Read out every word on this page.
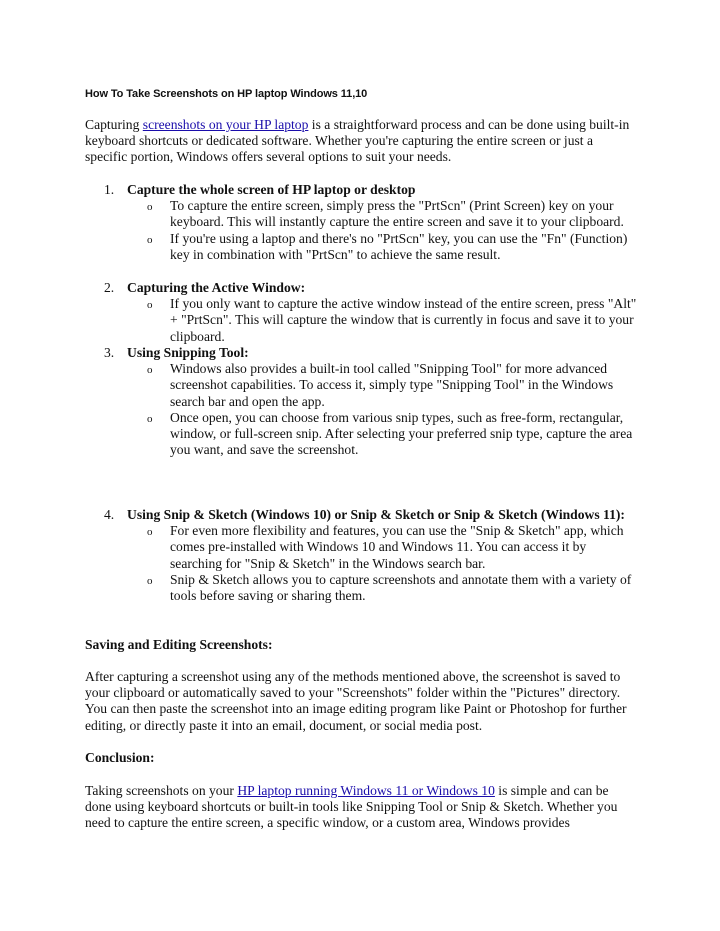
How To Take Screenshots on HP laptop Windows 11,10

Capturing screenshots on your HP laptop is a straightforward process and can be done using built-in keyboard shortcuts or dedicated software. Whether you're capturing the entire screen or just a specific portion, Windows offers several options to suit your needs.

1. Capture the whole screen of HP laptop or desktop
o To capture the entire screen, simply press the "PrtScn" (Print Screen) key on your keyboard. This will instantly capture the entire screen and save it to your clipboard.
o If you're using a laptop and there's no "PrtScn" key, you can use the "Fn" (Function) key in combination with "PrtScn" to achieve the same result.
2. Capturing the Active Window:
o If you only want to capture the active window instead of the entire screen, press "Alt" + "PrtScn". This will capture the window that is currently in focus and save it to your clipboard.
3. Using Snipping Tool:
o Windows also provides a built-in tool called "Snipping Tool" for more advanced screenshot capabilities. To access it, simply type "Snipping Tool" in the Windows search bar and open the app.
o Once open, you can choose from various snip types, such as free-form, rectangular, window, or full-screen snip. After selecting your preferred snip type, capture the area you want, and save the screenshot.
4. Using Snip & Sketch (Windows 10) or Snip & Sketch or Snip & Sketch (Windows 11):
o For even more flexibility and features, you can use the "Snip & Sketch" app, which comes pre-installed with Windows 10 and Windows 11. You can access it by searching for "Snip & Sketch" in the Windows search bar.
o Snip & Sketch allows you to capture screenshots and annotate them with a variety of tools before saving or sharing them.

Saving and Editing Screenshots:

After capturing a screenshot using any of the methods mentioned above, the screenshot is saved to your clipboard or automatically saved to your "Screenshots" folder within the "Pictures" directory. You can then paste the screenshot into an image editing program like Paint or Photoshop for further editing, or directly paste it into an email, document, or social media post.

Conclusion:

Taking screenshots on your HP laptop running Windows 11 or Windows 10 is simple and can be done using keyboard shortcuts or built-in tools like Snipping Tool or Snip & Sketch. Whether you need to capture the entire screen, a specific window, or a custom area, Windows provides
